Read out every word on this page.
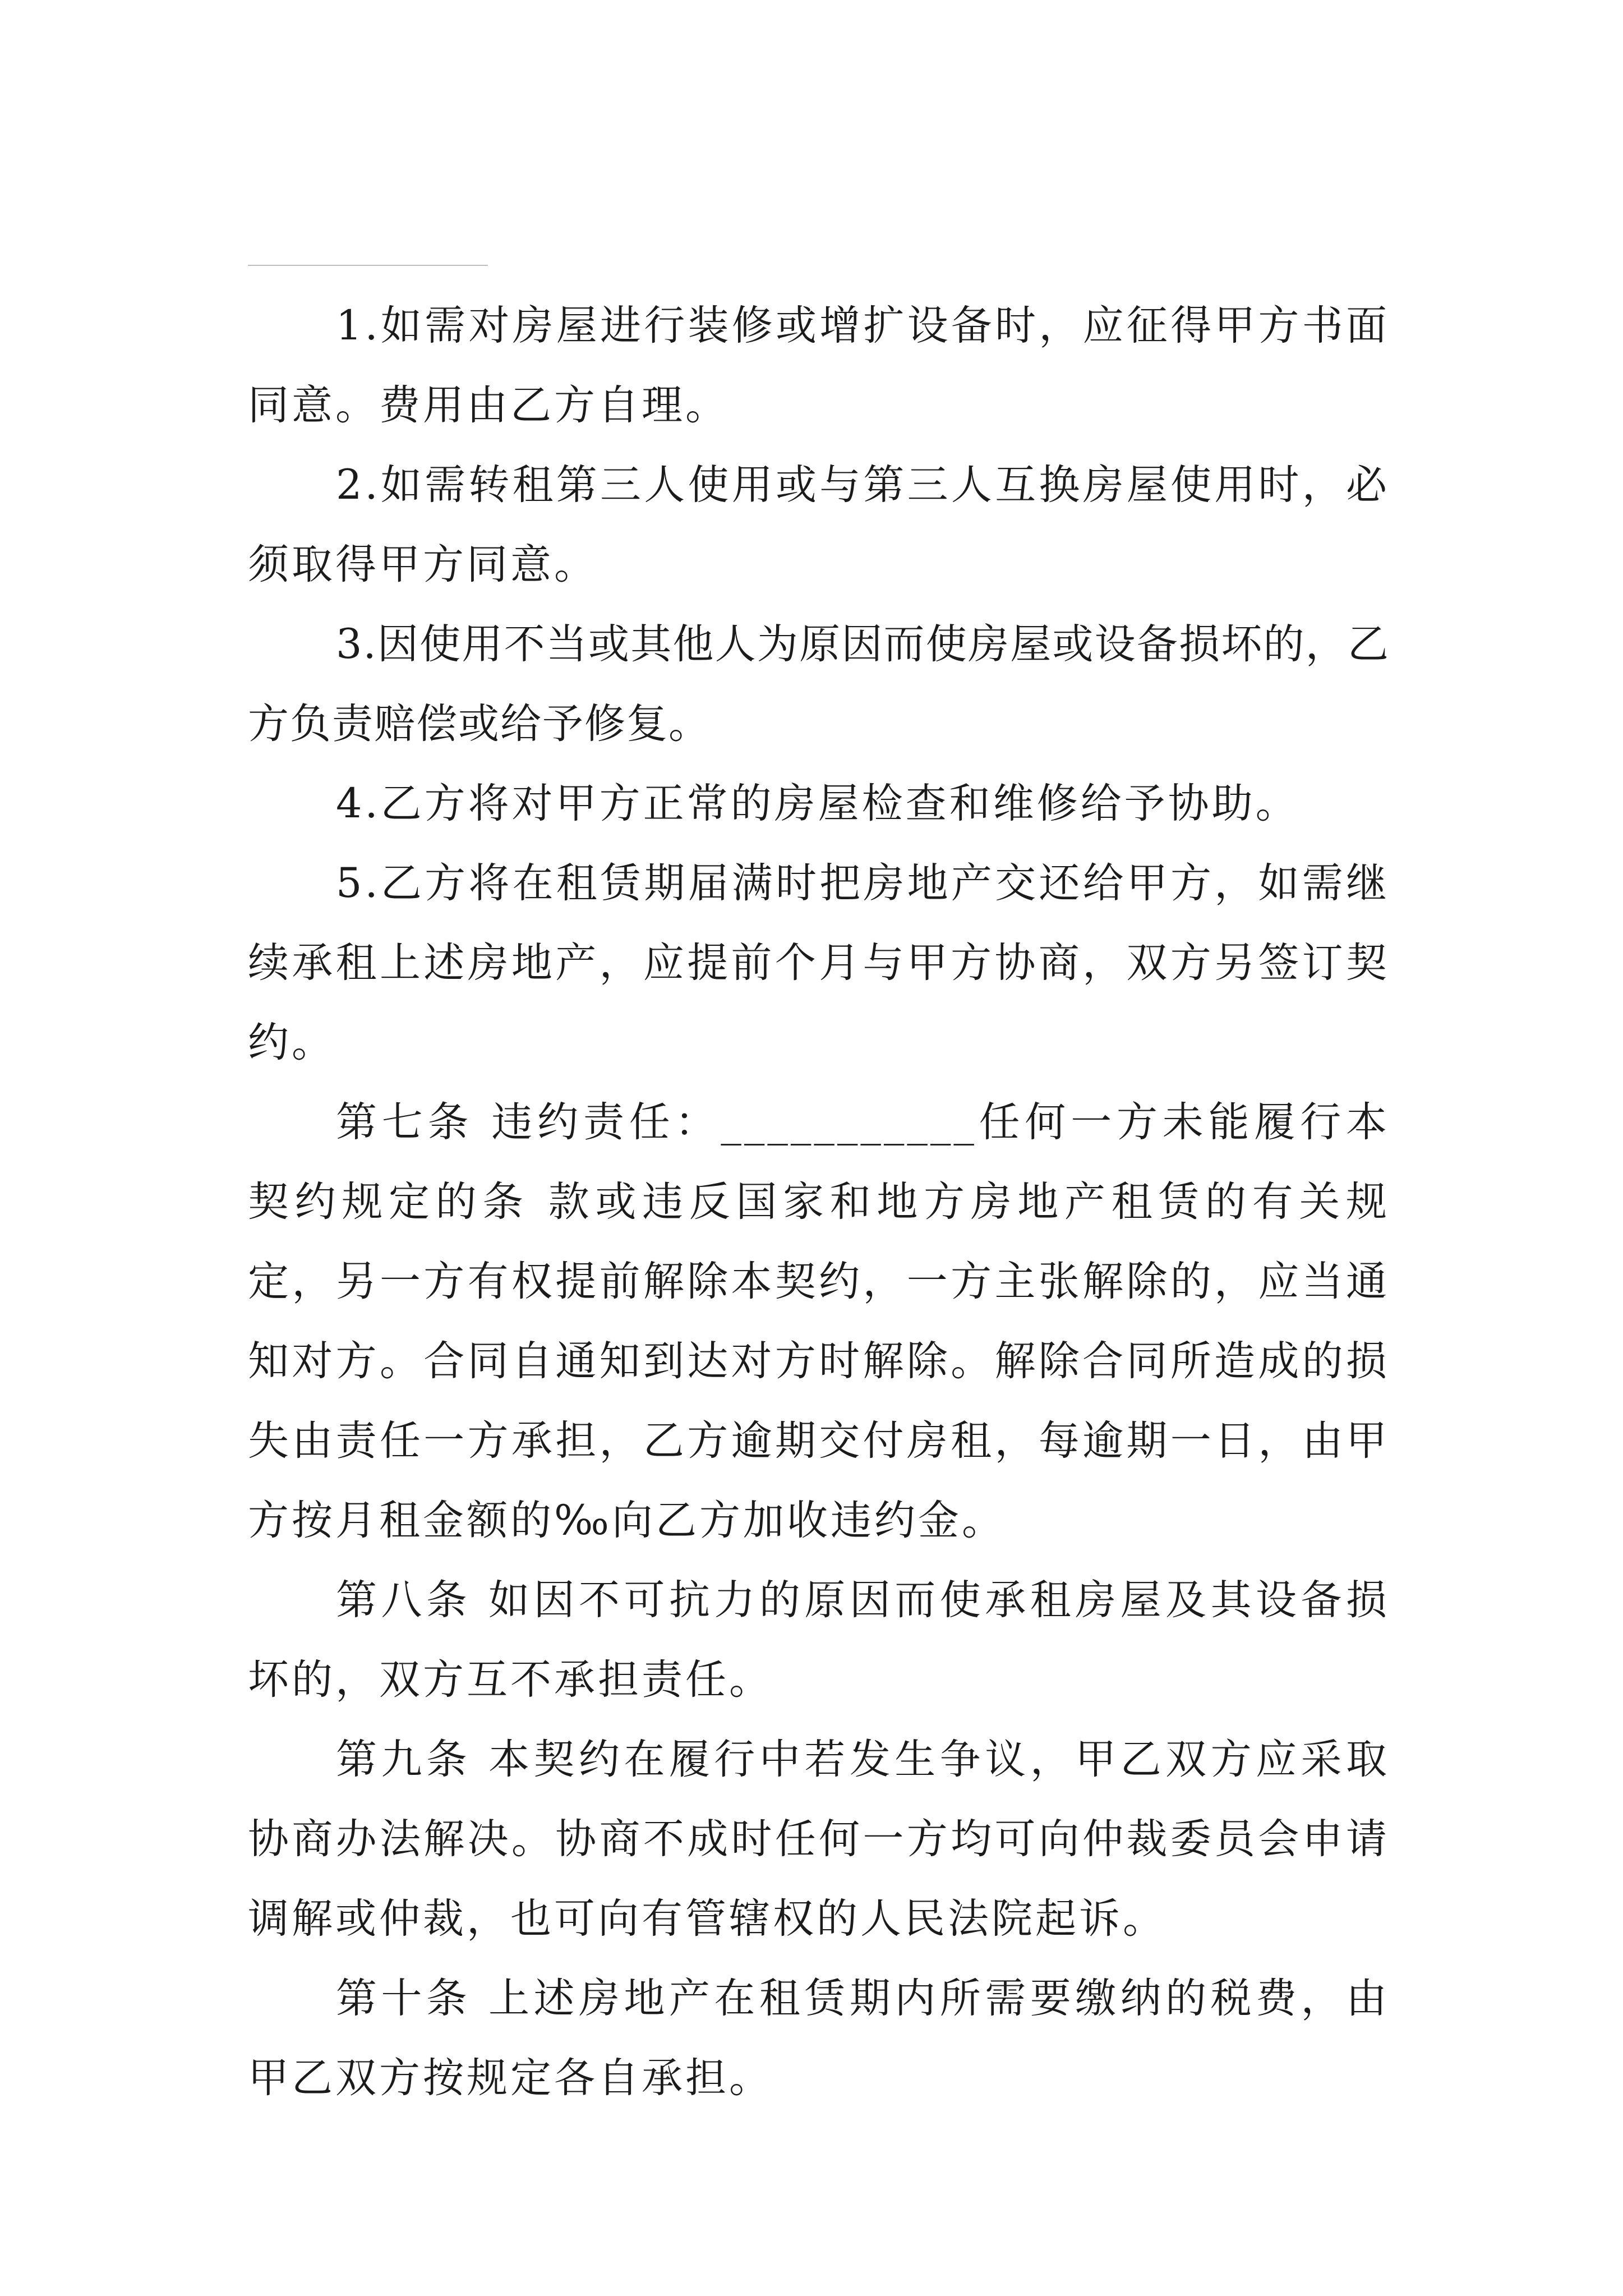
1.如需对房屋进行装修或增扩设备时，应征得甲方书面同意。费用由乙方自理。

2.如需转租第三人使用或与第三人互换房屋使用时，必须取得甲方同意。

3.因使用不当或其他人为原因而使房屋或设备损坏的，乙方负责赔偿或给予修复。

4.乙方将对甲方正常的房屋检查和维修给予协助。

5.乙方将在租赁期届满时把房地产交还给甲方，如需继续承租上述房地产，应提前个月与甲方协商，双方另签订契约。

第七条 违约责任：___________任何一方未能履行本契约规定的条 款或违反国家和地方房地产租赁的有关规定，另一方有权提前解除本契约，一方主张解除的，应当通知对方。合同自通知到达对方时解除。解除合同所造成的损失由责任一方承担，乙方逾期交付房租，每逾期一日，由甲方按月租金额的‰向乙方加收违约金。

第八条 如因不可抗力的原因而使承租房屋及其设备损坏的，双方互不承担责任。

第九条 本契约在履行中若发生争议，甲乙双方应采取协商办法解决。协商不成时任何一方均可向仲裁委员会申请调解或仲裁，也可向有管辖权的人民法院起诉。

第十条 上述房地产在租赁期内所需要缴纳的税费，由甲乙双方按规定各自承担。
